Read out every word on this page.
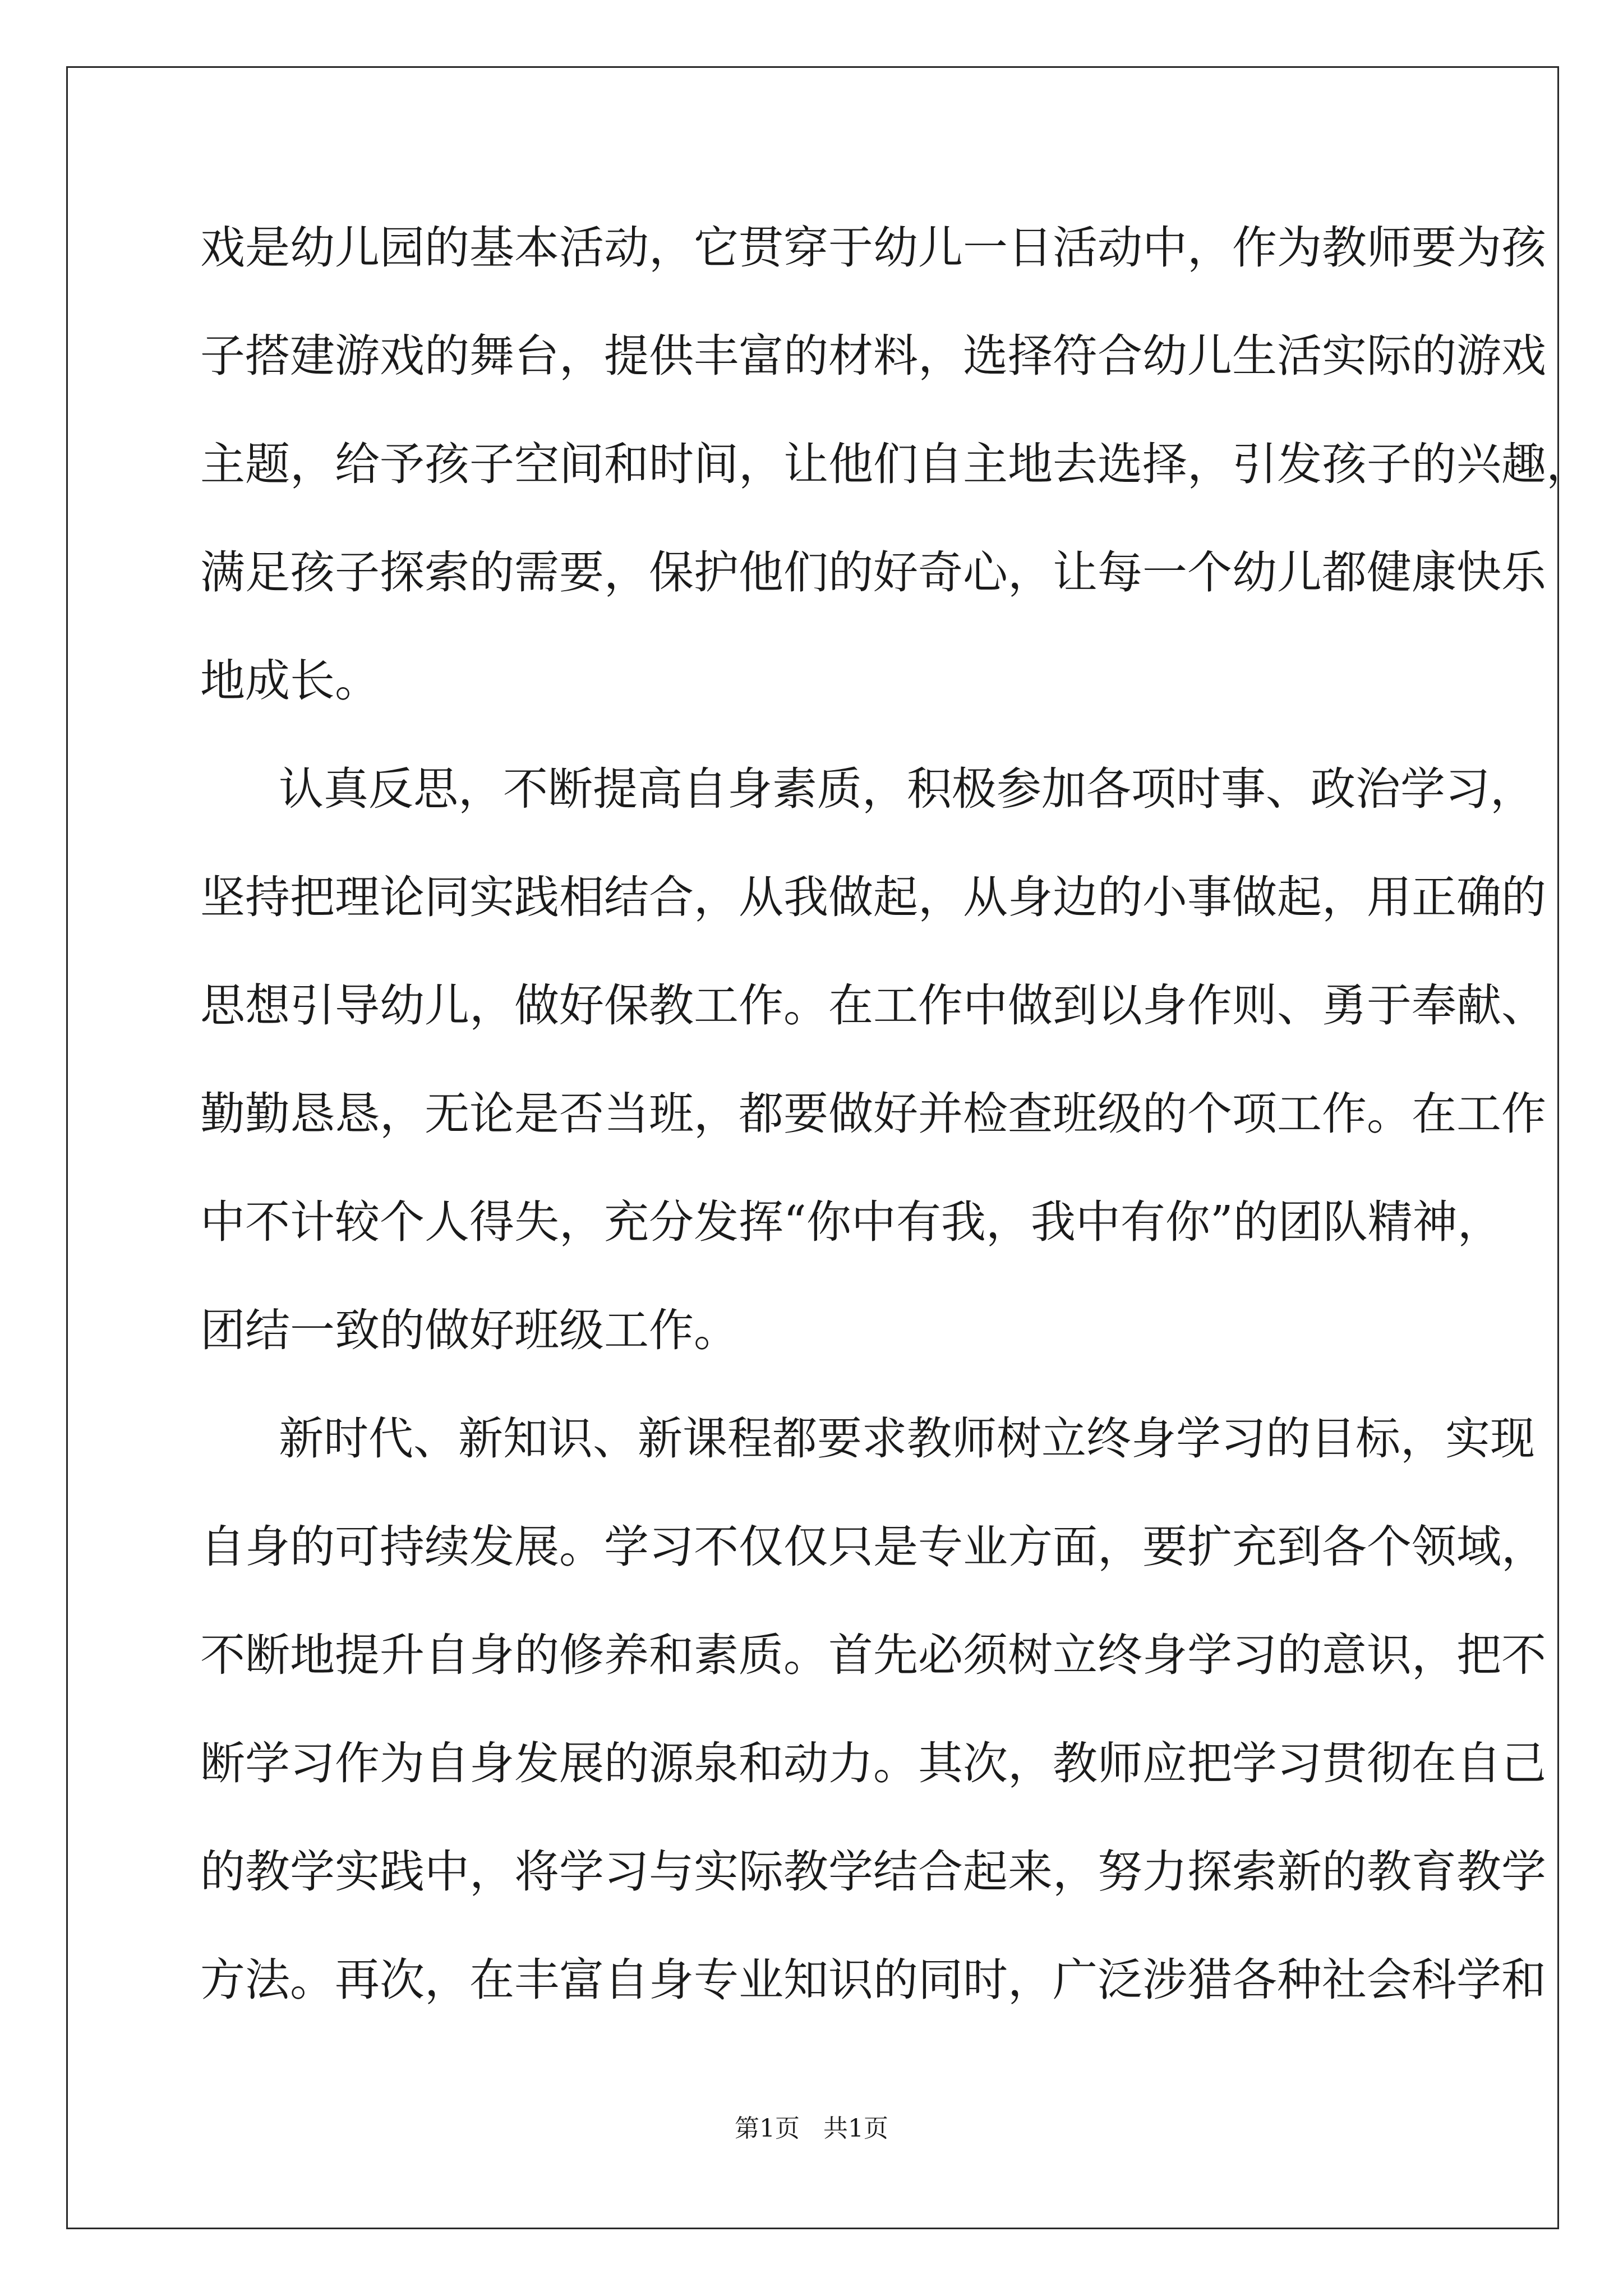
戏是幼儿园的基本活动，它贯穿于幼儿一日活动中，作为教师要为孩
子搭建游戏的舞台，提供丰富的材料，选择符合幼儿生活实际的游戏
主题，给予孩子空间和时间，让他们自主地去选择，引发孩子的兴趣，
满足孩子探索的需要，保护他们的好奇心，让每一个幼儿都健康快乐
地成长。
认真反思，不断提高自身素质，积极参加各项时事、政治学习，
坚持把理论同实践相结合，从我做起，从身边的小事做起，用正确的
思想引导幼儿，做好保教工作。在工作中做到以身作则、勇于奉献、
勤勤恳恳，无论是否当班，都要做好并检查班级的个项工作。在工作
中不计较个人得失，充分发挥“你中有我，我中有你”的团队精神，
团结一致的做好班级工作。
新时代、新知识、新课程都要求教师树立终身学习的目标，实现
自身的可持续发展。学习不仅仅只是专业方面，要扩充到各个领域，
不断地提升自身的修养和素质。首先必须树立终身学习的意识，把不
断学习作为自身发展的源泉和动力。其次，教师应把学习贯彻在自己
的教学实践中，将学习与实际教学结合起来，努力探索新的教育教学
方法。再次，在丰富自身专业知识的同时，广泛涉猎各种社会科学和
第1页   共1页
